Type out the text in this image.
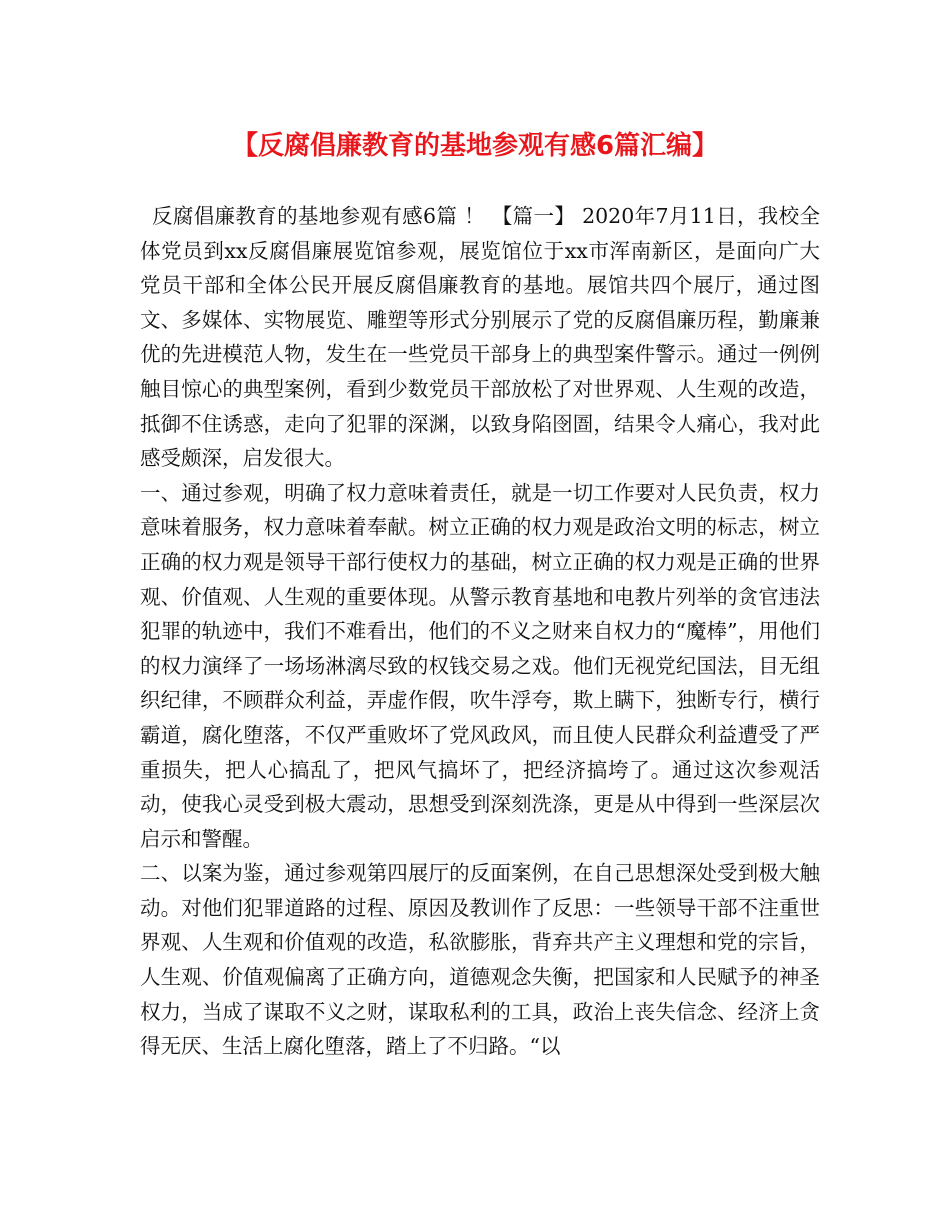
【反腐倡廉教育的基地参观有感6篇汇编】

反腐倡廉教育的基地参观有感6篇 ！ 【篇一】 2020年7月11日，我校全体党员到xx反腐倡廉展览馆参观，展览馆位于xx市浑南新区，是面向广大党员干部和全体公民开展反腐倡廉教育的基地。展馆共四个展厅，通过图文、多媒体、实物展览、雕塑等形式分别展示了党的反腐倡廉历程，勤廉兼优的先进模范人物，发生在一些党员干部身上的典型案件警示。通过一例例触目惊心的典型案例，看到少数党员干部放松了对世界观、人生观的改造，抵御不住诱惑，走向了犯罪的深渊，以致身陷囹圄，结果令人痛心，我对此感受颇深，启发很大。

一、通过参观，明确了权力意味着责任，就是一切工作要对人民负责，权力意味着服务，权力意味着奉献。树立正确的权力观是政治文明的标志，树立正确的权力观是领导干部行使权力的基础，树立正确的权力观是正确的世界观、价值观、人生观的重要体现。从警示教育基地和电教片列举的贪官违法犯罪的轨迹中，我们不难看出，他们的不义之财来自权力的“魔棒”，用他们的权力演绎了一场场淋漓尽致的权钱交易之戏。他们无视党纪国法，目无组织纪律，不顾群众利益，弄虚作假，吹牛浮夸，欺上瞒下，独断专行，横行霸道，腐化堕落，不仅严重败坏了党风政风，而且使人民群众利益遭受了严重损失，把人心搞乱了，把风气搞坏了，把经济搞垮了。通过这次参观活动，使我心灵受到极大震动，思想受到深刻洗涤，更是从中得到一些深层次启示和警醒。

二、以案为鉴，通过参观第四展厅的反面案例，在自己思想深处受到极大触动。对他们犯罪道路的过程、原因及教训作了反思：一些领导干部不注重世界观、人生观和价值观的改造，私欲膨胀，背弃共产主义理想和党的宗旨，人生观、价值观偏离了正确方向，道德观念失衡，把国家和人民赋予的神圣权力，当成了谋取不义之财，谋取私利的工具，政治上丧失信念、经济上贪得无厌、生活上腐化堕落，踏上了不归路。“以
